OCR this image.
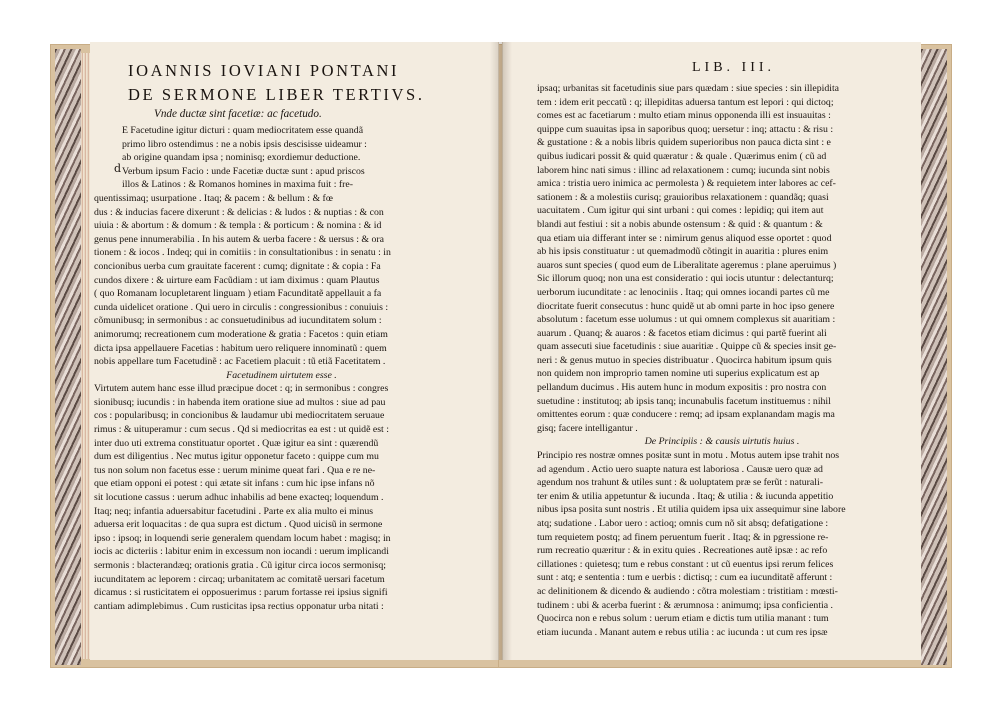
IOANNIS IOVIANI PONTANI
DE SERMONE LIBER TERTIVS.
Vnde ductæ sint facetiæ: ac facetudo.
E Facetudine igitur dicturi : quam mediocritatem esse quandã
primo libro ostendimus : ne a nobis ipsis descisisse uideamur :
ab origine quandam ipsa ; nominisq; exordiemur deductione.
Verbum ipsum Facio : unde Facetiæ ductæ sunt : apud priscos
illos & Latinos : & Romanos homines in maxima fuit : fre-
quentissimaq; usurpatione . Itaq; & pacem : & bellum : & fœ
dus : & inducias facere dixerunt : & delicias : & ludos : & nuptias : & con
uiuia : & abortum : & domum : & templa : & porticum : & nomina : & id
genus pene innumerabilia . In his autem & uerba facere : & uersus : & ora
tionem : & iocos . Indeq; qui in comitiis : in consultationibus : in senatu : in
concionibus uerba cum grauitate facerent : cumq; dignitate : & copia : Fa
cundos dixere : & uirture eam Facũdiam : ut iam diximus : quam Plautus
( quo Romanam locupletarent linguam ) etiam Facunditatẽ appellauit a fa
cunda uidelicet oratione . Qui uero in circulis : congressionibus : conuiuis :
cõmunibusq; in sermonibus : ac consuetudinibus ad iucunditatem solum :
animorumq; recreationem cum moderatione & gratia : Facetos : quin etiam
dicta ipsa appellauere Facetias : habitum uero reliquere innominatũ : quem
nobis appellare tum Facetudinẽ : ac Facetiem placuit : tũ etiã Facetitatem .
Facetudinem uirtutem esse .
Virtutem autem hanc esse illud præcipue docet : q; in sermonibus : congres
sionibusq; iucundis : in habenda item oratione siue ad multos : siue ad pau
cos : popularibusq; in concionibus & laudamur ubi mediocritatem seruaue
rimus : & uituperamur : cum secus . Qd si mediocritas ea est : ut quidẽ est :
inter duo uti extrema constituatur oportet . Quæ igitur ea sint : quærendũ
dum est diligentius . Nec mutus igitur opponetur faceto : quippe cum mu
tus non solum non facetus esse : uerum minime queat fari . Qua e re ne-
que etiam opponi ei potest : qui ætate sit infans : cum hic ipse infans nõ
sit locutione cassus : uerum adhuc inhabilis ad bene exacteq; loquendum .
Itaq; neq; infantia aduersabitur facetudini . Parte ex alia multo ei minus
aduersa erit loquacitas : de qua supra est dictum . Quod uicisũ in sermone
ipso : ipsoq; in loquendi serie generalem quendam locum habet : magisq; in
iocis ac dicteriis : labitur enim in excessum non iocandi : uerum implicandi
sermonis : blacterandæq; orationis gratia . Cũ igitur circa iocos sermonisq;
iucunditatem ac leporem : circaq; urbanitatem ac comitatẽ uersari facetum
dicamus : si rusticitatem ei opposuerimus : parum fortasse rei ipsius signifi
cantiam adimplebimus . Cum rusticitas ipsa rectius opponatur urba nitati :
d
LIB. III.
ipsaq; urbanitas sit facetudinis siue pars quædam : siue species : sin illepidita
tem : idem erit peccatũ : q; illepiditas aduersa tantum est lepori : qui dictoq;
comes est ac facetiarum : multo etiam minus opponenda illi est insuauitas :
quippe cum suauitas ipsa in saporibus quoq; uersetur : inq; attactu : & risu :
& gustatione : & a nobis libris quidem superioribus non pauca dicta sint : e
quibus iudicari possit & quid quæratur : & quale . Quærimus enim ( cũ ad
laborem hinc nati simus : illinc ad relaxationem : cumq; iucunda sint nobis
amica : tristia uero inimica ac permolesta ) & requietem inter labores ac cef-
sationem : & a molestiis curisq; grauioribus relaxationem : quandãq; quasi
uacuitatem . Cum igitur qui sint urbani : qui comes : lepidiq; qui item aut
blandi aut festiui : sit a nobis abunde ostensum : & quid : & quantum : &
qua etiam uia differant inter se : nimirum genus aliquod esse oportet : quod
ab his ipsis constituatur : ut quemadmodũ cõtingit in auaritia : plures enim
auaros sunt species ( quod eum de Liberalitate ageremus : plane aperuimus )
Sic illorum quoq; non una est consideratio : qui iocis utuntur : delectanturq;
uerborum iucunditate : ac lenociniis . Itaq; qui omnes iocandi partes cũ me
diocritate fuerit consecutus : hunc quidẽ ut ab omni parte in hoc ipso genere
absolutum : facetum esse uolumus : ut qui omnem complexus sit auaritiam :
auarum . Quanq; & auaros : & facetos etiam dicimus : qui partẽ fuerint ali
quam assecuti siue facetudinis : siue auaritiæ . Quippe cũ & species insit ge-
neri : & genus mutuo in species distribuatur . Quocirca habitum ipsum quis
non quidem non improprio tamen nomine uti superius explicatum est ap
pellandum ducimus . His autem hunc in modum expositis : pro nostra con
suetudine : institutoq; ab ipsis tanq; incunabulis facetum instituemus : nihil
omittentes eorum : quæ conducere : remq; ad ipsam explanandam magis ma
gisq; facere intelligantur .
De Principiis : & causis uirtutis huius .
Principio res nostræ omnes positæ sunt in motu . Motus autem ipse trahit nos
ad agendum . Actio uero suapte natura est laboriosa . Causæ uero quæ ad
agendum nos trahunt & utiles sunt : & uoluptatem præ se ferũt : naturali-
ter enim & utilia appetuntur & iucunda . Itaq; & utilia : & iucunda appetitio
nibus ipsa posita sunt nostris . Et utilia quidem ipsa uix assequimur sine labore
atq; sudatione . Labor uero : actioq; omnis cum nõ sit absq; defatigatione :
tum requietem postq; ad finem peruentum fuerit . Itaq; & in pgressione re-
rum recreatio quæritur : & in exitu quies . Recreationes autẽ ipsæ : ac refo
cillationes : quietesq; tum e rebus constant : ut cũ euentus ipsi rerum felices
sunt : atq; e sententia : tum e uerbis : dictisq; : cum ea iucunditatẽ afferunt :
ac delinitionem & dicendo & audiendo : cõtra molestiam : tristitiam : mœsti-
tudinem : ubi & acerba fuerint : & ærumnosa : animumq; ipsa conficientia .
Quocirca non e rebus solum : uerum etiam e dictis tum utilia manant : tum
etiam iucunda . Manant autem e rebus utilia : ac iucunda : ut cum res ipsæ
